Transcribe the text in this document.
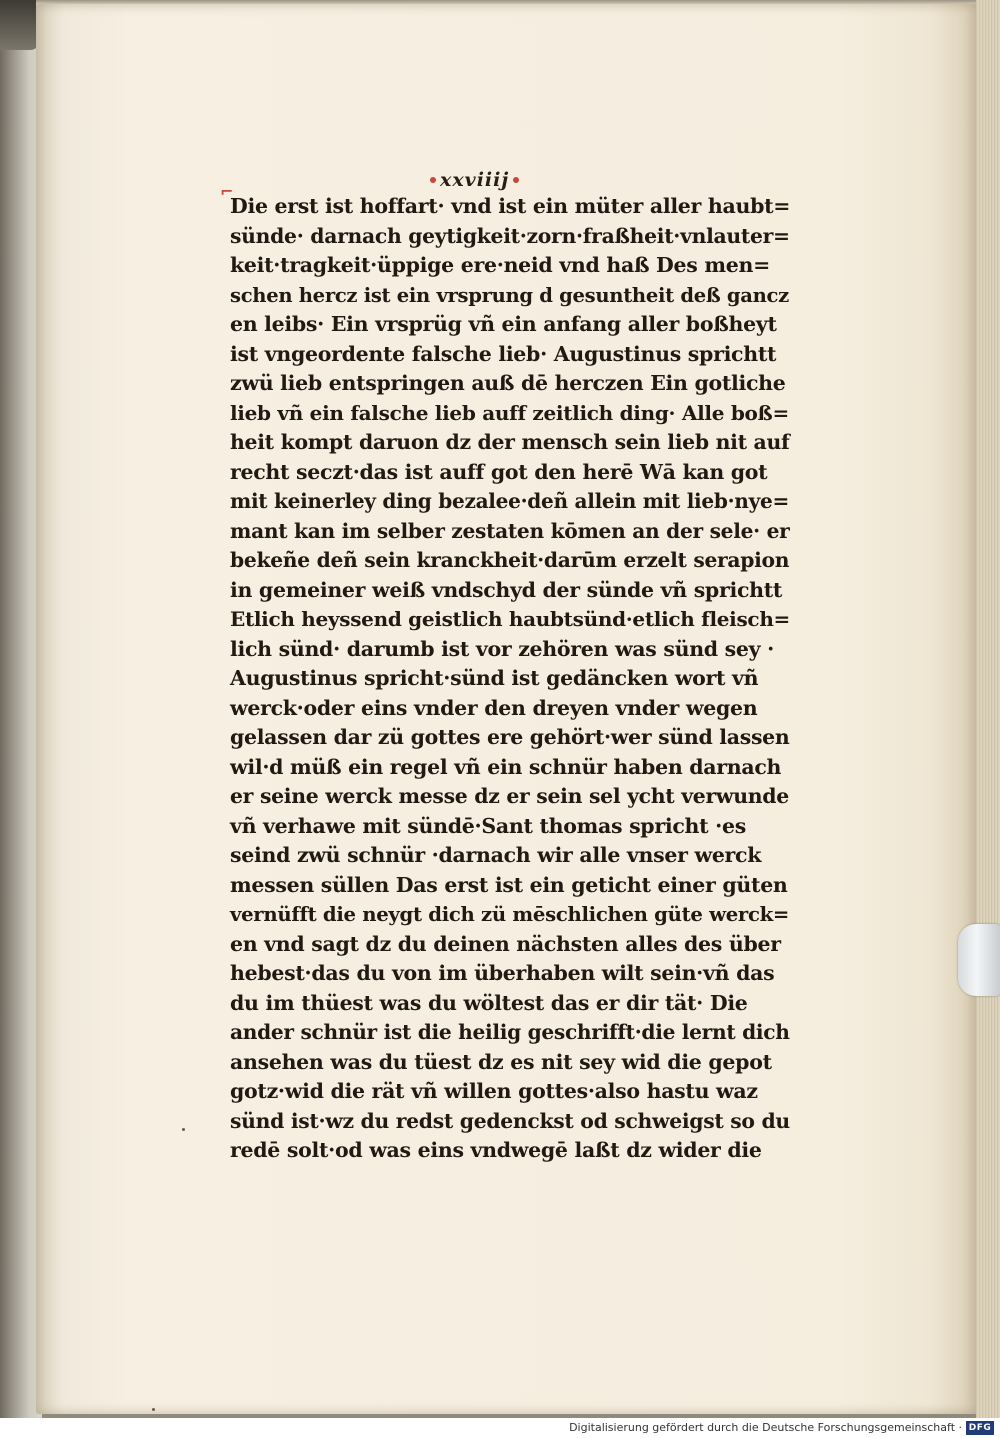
⌐
xxviiij
Die erst ist hoffart· vnd ist ein müter aller haubt=
sünde· darnach geytigkeit·zorn·fraßheit·vnlauter=
keit·tragkeit·üppige ere·neid vnd haß Des men=
schen hercz ist ein vrsprung d gesuntheit deß gancz
en leibs· Ein vrsprüg vñ ein anfang aller boßheyt
ist vngeordente falsche lieb· Augustinus sprichtt
zwü lieb entspringen auß dē herczen Ein gotliche
lieb vñ ein falsche lieb auff zeitlich ding· Alle boß=
heit kompt daruon dz der mensch sein lieb nit auf
recht seczt·das ist auff got den herē Wā kan got
mit keinerley ding bezalee·deñ allein mit lieb·nye=
mant kan im selber zestaten kōmen an der sele· er
bekeñe deñ sein kranckheit·darūm erzelt serapion
in gemeiner weiß vndschyd der sünde vñ sprichtt
Etlich heyssend geistlich haubtsünd·etlich fleisch=
lich sünd· darumb ist vor zehören was sünd sey ·
Augustinus spricht·sünd ist gedäncken wort vñ
werck·oder eins vnder den dreyen vnder wegen
gelassen dar zü gottes ere gehört·wer sünd lassen
wil·d müß ein regel vñ ein schnür haben darnach
er seine werck messe dz er sein sel ycht verwunde
vñ verhawe mit sündē·Sant thomas spricht ·es
seind zwü schnür ·darnach wir alle vnser werck
messen süllen Das erst ist ein geticht einer güten
vernüfft die neygt dich zü mēschlichen güte werck=
en vnd sagt dz du deinen nächsten alles des über
hebest·das du von im überhaben wilt sein·vñ das
du im thüest was du wöltest das er dir tät· Die
ander schnür ist die heilig geschrifft·die lernt dich
ansehen was du tüest dz es nit sey wid die gepot
gotz·wid die rät vñ willen gottes·also hastu waz
sünd ist·wz du redst gedenckst od schweigst so du
redē solt·od was eins vndwegē laßt dz wider die
Digitalisierung gefördert durch die Deutsche Forschungsgemeinschaft · DFG
